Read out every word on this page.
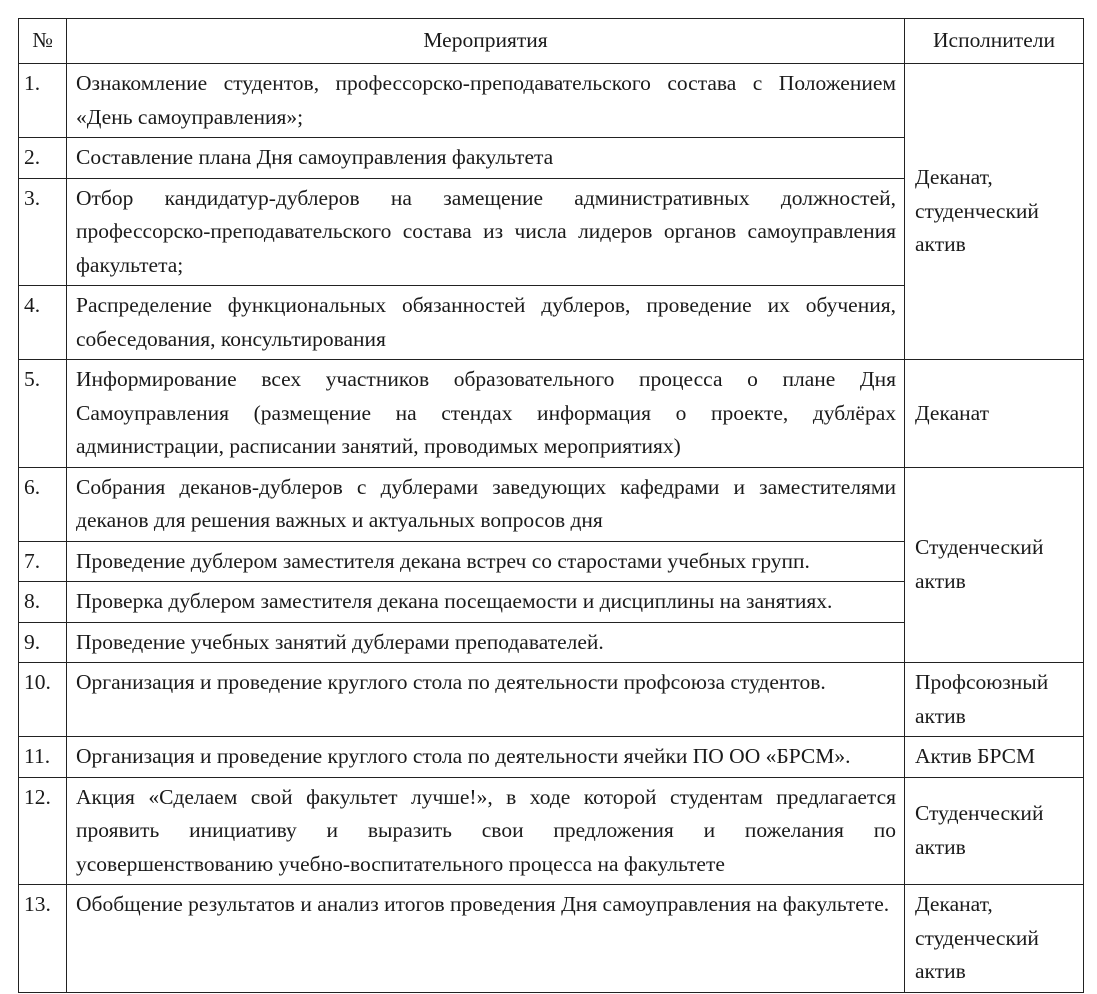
№	Мероприятия	Исполнители
1.	Ознакомление студентов, профессорско-преподавательского состава с Положением «День самоуправления»;	Деканат, студенческий актив
2.	Составление плана Дня самоуправления факультета	
3.	Отбор кандидатур-дублеров на замещение административных должностей, профессорско-преподавательского состава из числа лидеров органов самоуправления факультета;	
4.	Распределение функциональных обязанностей дублеров, проведение их обучения, собеседования, консультирования	
5.	Информирование всех участников образовательного процесса о плане Дня Самоуправления (размещение на стендах информация о проекте, дублёрах администрации, расписании занятий, проводимых мероприятиях)	Деканат
6.	Собрания деканов-дублеров с дублерами заведующих кафедрами и заместителями деканов для решения важных и актуальных вопросов дня	Студенческий актив
7.	Проведение дублером заместителя декана встреч со старостами учебных групп.	
8.	Проверка дублером заместителя декана посещаемости и дисциплины на занятиях.	
9.	Проведение учебных занятий дублерами преподавателей.	
10.	Организация и проведение круглого стола по деятельности профсоюза студентов.	Профсоюзный актив
11.	Организация и проведение круглого стола по деятельности ячейки ПО ОО «БРСМ».	Актив БРСМ
12.	Акция «Сделаем свой факультет лучше!», в ходе которой студентам предлагается проявить инициативу и выразить свои предложения и пожелания по усовершенствованию учебно-воспитательного процесса на факультете	Студенческий актив
13.	Обобщение результатов и анализ итогов проведения Дня самоуправления на факультете.	Деканат, студенческий актив
